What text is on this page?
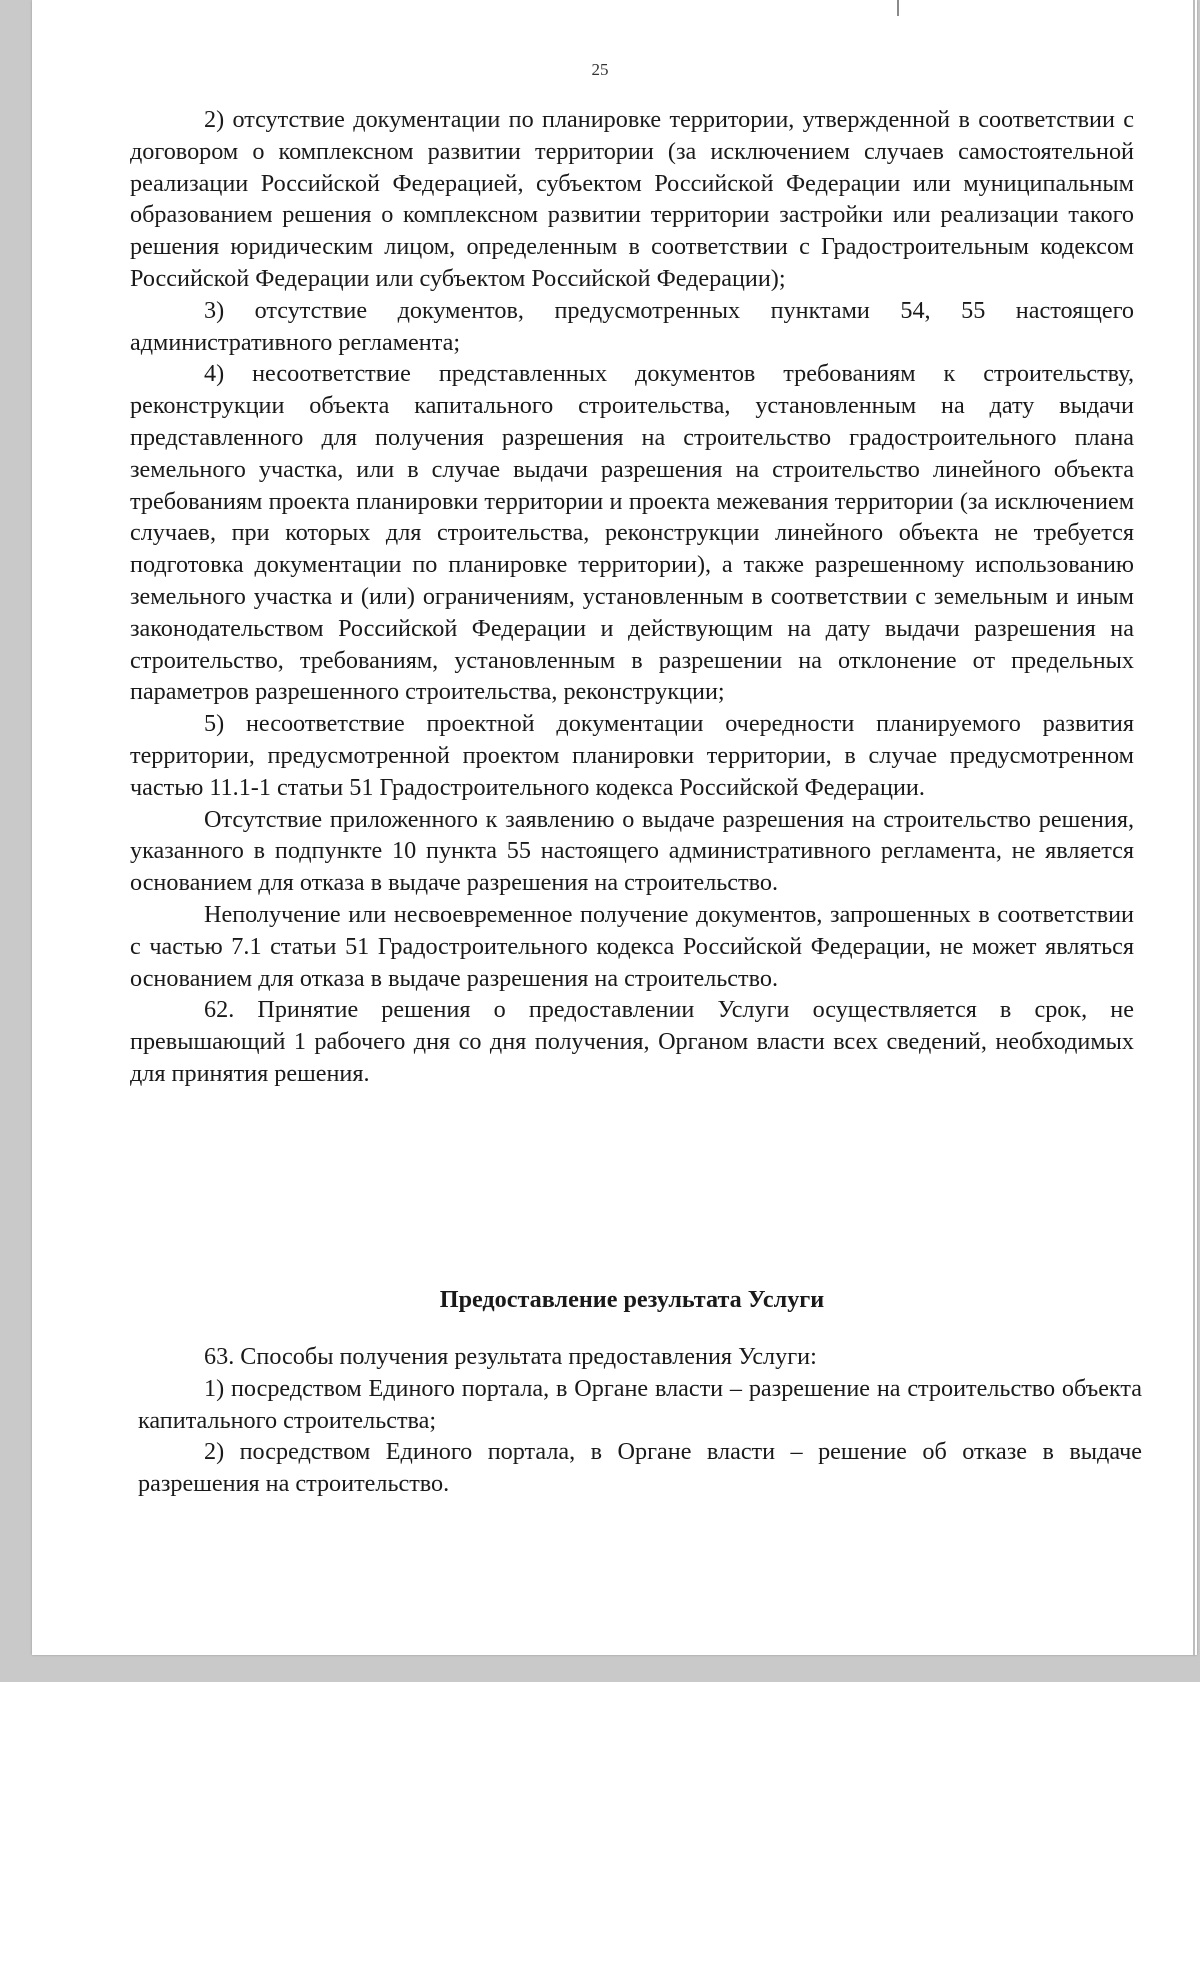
25

2) отсутствие документации по планировке территории, утвержденной в соответствии с договором о комплексном развитии территории (за исключением случаев самостоятельной реализации Российской Федерацией, субъектом Российской Федерации или муниципальным образованием решения о комплексном развитии территории застройки или реализации такого решения юридическим лицом, определенным в соответствии с Градостроительным кодексом Российской Федерации или субъектом Российской Федерации);

3) отсутствие документов, предусмотренных пунктами 54, 55 настоящего административного регламента;

4) несоответствие представленных документов требованиям к строительству, реконструкции объекта капитального строительства, установленным на дату выдачи представленного для получения разрешения на строительство градостроительного плана земельного участка, или в случае выдачи разрешения на строительство линейного объекта требованиям проекта планировки территории и проекта межевания территории (за исключением случаев, при которых для строительства, реконструкции линейного объекта не требуется подготовка документации по планировке территории), а также разрешенному использованию земельного участка и (или) ограничениям, установленным в соответствии с земельным и иным законодательством Российской Федерации и действующим на дату выдачи разрешения на строительство, требованиям, установленным в разрешении на отклонение от предельных параметров разрешенного строительства, реконструкции;

5) несоответствие проектной документации очередности планируемого развития территории, предусмотренной проектом планировки территории, в случае предусмотренном частью 11.1-1 статьи 51 Градостроительного кодекса Российской Федерации.

Отсутствие приложенного к заявлению о выдаче разрешения на строительство решения, указанного в подпункте 10 пункта 55 настоящего административного регламента, не является основанием для отказа в выдаче разрешения на строительство.

Неполучение или несвоевременное получение документов, запрошенных в соответствии с частью 7.1 статьи 51 Градостроительного кодекса Российской Федерации, не может являться основанием для отказа в выдаче разрешения на строительство.

62. Принятие решения о предоставлении Услуги осуществляется в срок, не превышающий 1 рабочего дня со дня получения, Органом власти всех сведений, необходимых для принятия решения.

Предоставление результата Услуги

63. Способы получения результата предоставления Услуги:

1) посредством Единого портала, в Органе власти – разрешение на строительство объекта капитального строительства;

2) посредством Единого портала, в Органе власти – решение об отказе в выдаче разрешения на строительство.
